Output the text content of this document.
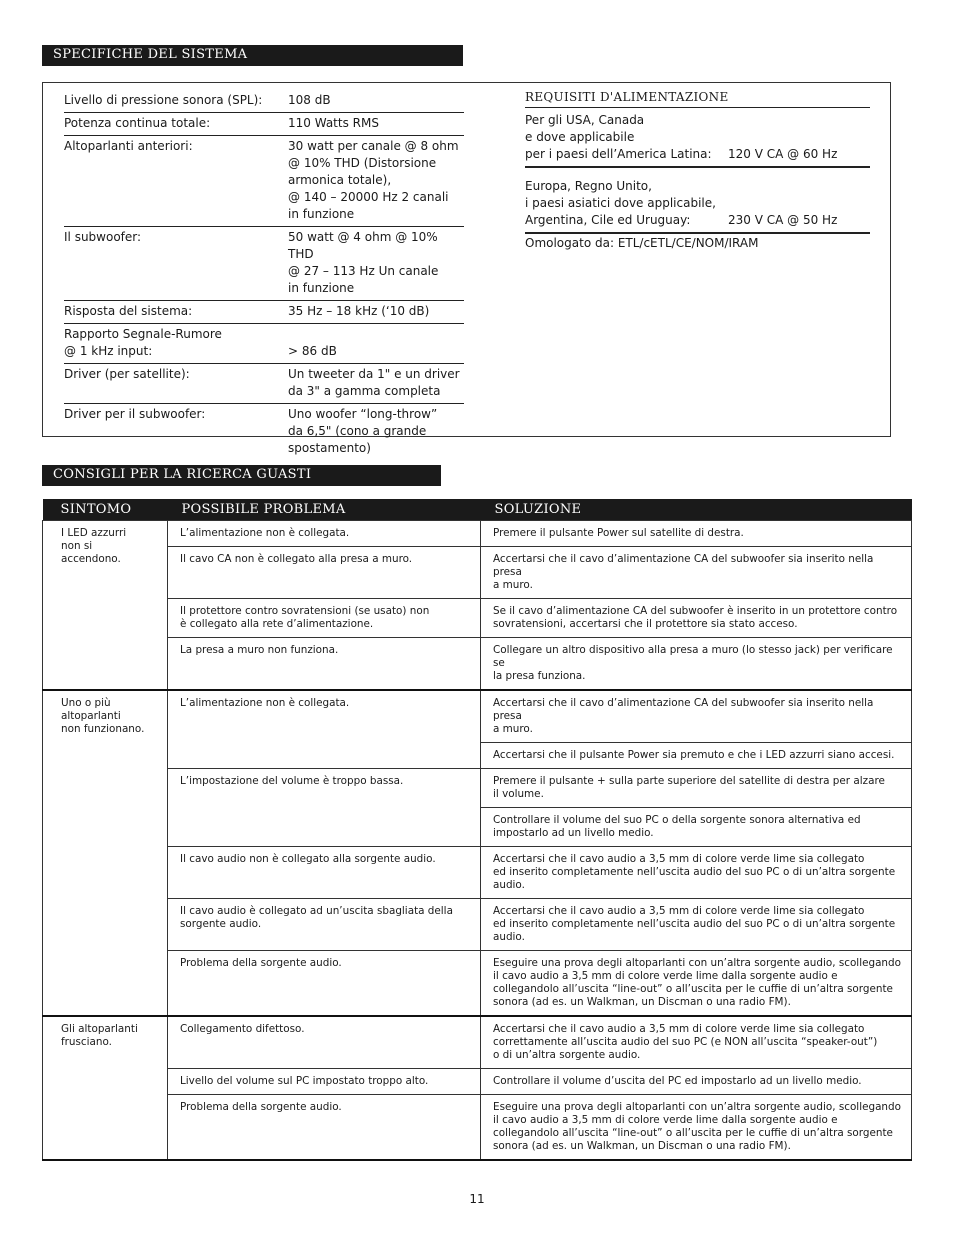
SPECIFICHE DEL SISTEMA
Livello di pressione sonora (SPL):	108 dB
Potenza continua totale:	110 Watts RMS
Altoparlanti anteriori:	30 watt per canale @ 8 ohm
@ 10% THD (Distorsione
armonica totale),
@ 140 – 20000 Hz 2 canali
in funzione
Il subwoofer:	50 watt @ 4 ohm @ 10% THD
@ 27 – 113 Hz Un canale
in funzione
Risposta del sistema:	35 Hz – 18 kHz (‘10 dB)
Rapporto Segnale-Rumore
@ 1 kHz input:	
> 86 dB
Driver (per satellite):	Un tweeter da 1" e un driver
da 3" a gamma completa
Driver per il subwoofer:	Uno woofer “long-throw”
da 6,5" (cono a grande
spostamento)
REQUISITI D'ALIMENTAZIONE
Per gli USA, Canada
e dove applicabile
per i paesi dell’America Latina:	120 V CA @ 60 Hz
Europa, Regno Unito,
i paesi asiatici dove applicabile,
Argentina, Cile ed Uruguay:	230 V CA @ 50 Hz
Omologato da: ETL/cETL/CE/NOM/IRAM
CONSIGLI PER LA RICERCA GUASTI
SINTOMO	POSSIBILE PROBLEMA	SOLUZIONE
I LED azzurri
non si
accendono.	L’alimentazione non è collegata.	Premere il pulsante Power sul satellite di destra.
	Il cavo CA non è collegato alla presa a muro.	Accertarsi che il cavo d’alimentazione CA del subwoofer sia inserito nella presa
a muro.
	Il protettore contro sovratensioni (se usato) non
è collegato alla rete d’alimentazione.	Se il cavo d’alimentazione CA del subwoofer è inserito in un protettore contro
sovratensioni, accertarsi che il protettore sia stato acceso.
	La presa a muro non funziona.	Collegare un altro dispositivo alla presa a muro (lo stesso jack) per verificare se
la presa funziona.
Uno o più
altoparlanti
non funzionano.	L’alimentazione non è collegata.	Accertarsi che il cavo d’alimentazione CA del subwoofer sia inserito nella presa
a muro.
		Accertarsi che il pulsante Power sia premuto e che i LED azzurri siano accesi.
	L’impostazione del volume è troppo bassa.	Premere il pulsante + sulla parte superiore del satellite di destra per alzare
il volume.
		Controllare il volume del suo PC o della sorgente sonora alternativa ed
impostarlo ad un livello medio.
	Il cavo audio non è collegato alla sorgente audio.	Accertarsi che il cavo audio a 3,5 mm di colore verde lime sia collegato
ed inserito completamente nell’uscita audio del suo PC o di un’altra sorgente
audio.
	Il cavo audio è collegato ad un’uscita sbagliata della
sorgente audio.	Accertarsi che il cavo audio a 3,5 mm di colore verde lime sia collegato
ed inserito completamente nell’uscita audio del suo PC o di un’altra sorgente
audio.
	Problema della sorgente audio.	Eseguire una prova degli altoparlanti con un’altra sorgente audio, scollegando
il cavo audio a 3,5 mm di colore verde lime dalla sorgente audio e
collegandolo all’uscita “line-out” o all’uscita per le cuffie di un’altra sorgente
sonora (ad es. un Walkman, un Discman o una radio FM).
Gli altoparlanti
frusciano.	Collegamento difettoso.	Accertarsi che il cavo audio a 3,5 mm di colore verde lime sia collegato
correttamente all’uscita audio del suo PC (e NON all’uscita “speaker-out”)
o di un’altra sorgente audio.
	Livello del volume sul PC impostato troppo alto.	Controllare il volume d’uscita del PC ed impostarlo ad un livello medio.
	Problema della sorgente audio.	Eseguire una prova degli altoparlanti con un’altra sorgente audio, scollegando
il cavo audio a 3,5 mm di colore verde lime dalla sorgente audio e
collegandolo all’uscita “line-out” o all’uscita per le cuffie di un’altra sorgente
sonora (ad es. un Walkman, un Discman o una radio FM).
11
